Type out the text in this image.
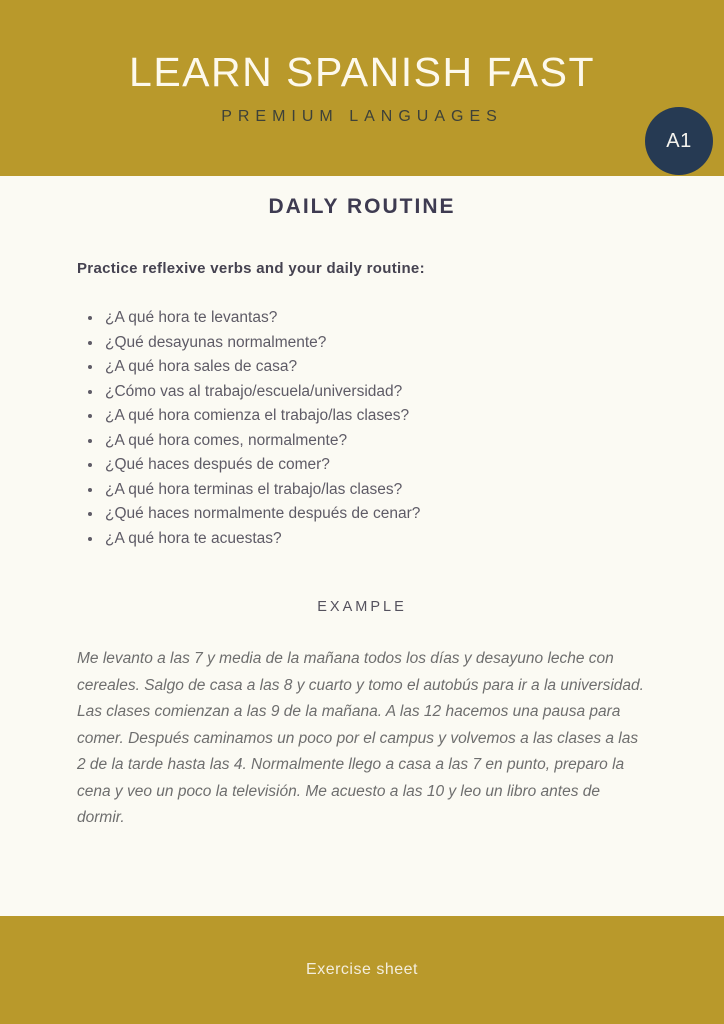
LEARN SPANISH FAST
PREMIUM LANGUAGES
A1
DAILY ROUTINE

Practice reflexive verbs and your daily routine:

• ¿A qué hora te levantas?
• ¿Qué desayunas normalmente?
• ¿A qué hora sales de casa?
• ¿Cómo vas al trabajo/escuela/universidad?
• ¿A qué hora comienza el trabajo/las clases?
• ¿A qué hora comes, normalmente?
• ¿Qué haces después de comer?
• ¿A qué hora terminas el trabajo/las clases?
• ¿Qué haces normalmente después de cenar?
• ¿A qué hora te acuestas?
EXAMPLE

Me levanto a las 7 y media de la mañana todos los días y desayuno leche con cereales. Salgo de casa a las 8 y cuarto y tomo el autobús para ir a la universidad. Las clases comienzan a las 9 de la mañana. A las 12 hacemos una pausa para comer. Después caminamos un poco por el campus y volvemos a las clases a las 2 de la tarde hasta las 4. Normalmente llego a casa a las 7 en punto, preparo la cena y veo un poco la televisión. Me acuesto a las 10 y leo un libro antes de dormir.

Exercise sheet
